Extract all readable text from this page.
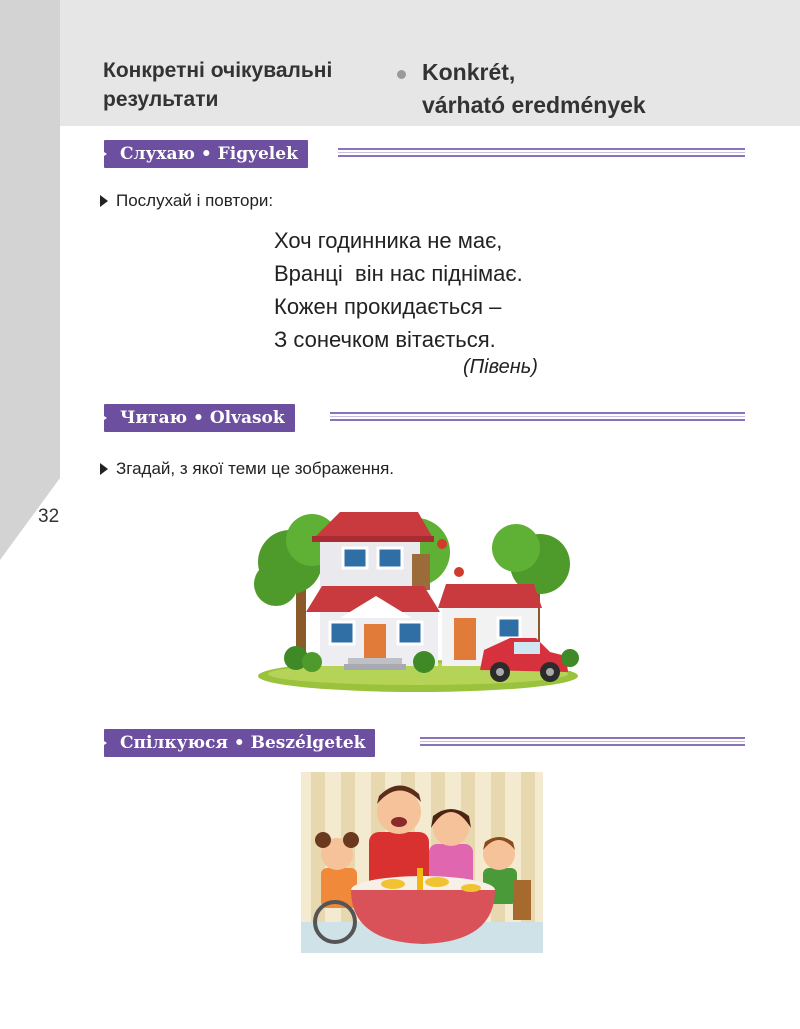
32
Конкретні очікувальні
результати
Konkrét,
várható eredmények
Слухаю • Figyelek
Послухай і повтори:
Хоч годинника не має,
Вранці  він нас піднімає.
Кожен прокидається –
З сонечком вітається.
(Півень)
Читаю • Olvasok
Згадай, з якої теми це зображення.
Спілкуюся • Beszélgetek
